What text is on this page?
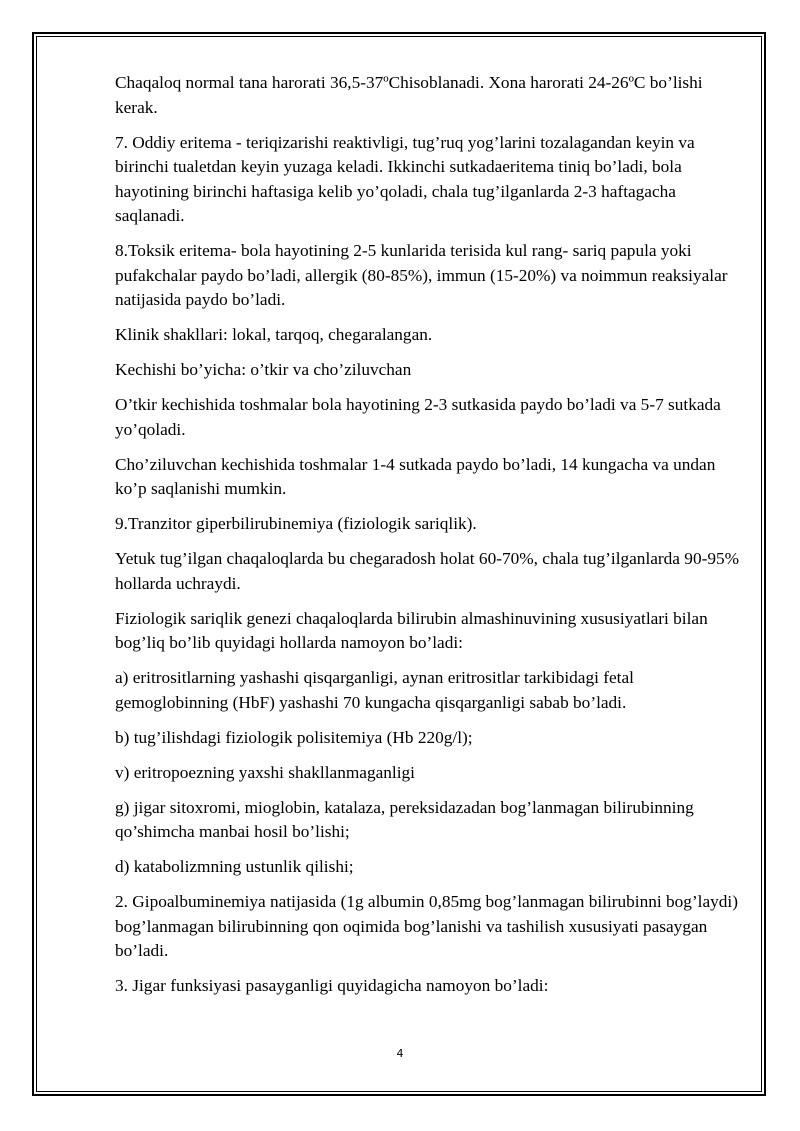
Chaqaloq normal tana harorati 36,5-37ºChisoblanadi. Xona harorati 24-26ºC bo’lishi kerak.

7. Oddiy eritema - teriqizarishi reaktivligi, tug’ruq yog’larini tozalagandan keyin va birinchi tualetdan keyin yuzaga keladi. Ikkinchi sutkadaeritema tiniq bo’ladi, bola hayotining birinchi haftasiga kelib yo’qoladi, chala tug’ilganlarda 2-3 haftagacha saqlanadi.

8.Toksik eritema- bola hayotining 2-5 kunlarida terisida kul rang- sariq papula yoki pufakchalar paydo bo’ladi, allergik (80-85%), immun (15-20%) va noimmun reaksiyalar natijasida paydo bo’ladi.

Klinik shakllari: lokal, tarqoq, chegaralangan.

Kechishi bo’yicha: o’tkir va cho’ziluvchan

O’tkir kechishida toshmalar bola hayotining 2-3 sutkasida paydo bo’ladi va 5-7 sutkada yo’qoladi.

Cho’ziluvchan kechishida toshmalar 1-4 sutkada paydo bo’ladi, 14 kungacha va undan ko’p saqlanishi mumkin.

9.Tranzitor giperbilirubinemiya (fiziologik sariqlik).

Yetuk tug’ilgan chaqaloqlarda bu chegaradosh holat 60-70%, chala tug’ilganlarda 90-95% hollarda uchraydi.

Fiziologik sariqlik genezi chaqaloqlarda bilirubin almashinuvining xususiyatlari bilan bog’liq bo’lib quyidagi hollarda namoyon bo’ladi:

a) eritrositlarning yashashi qisqarganligi, aynan eritrositlar tarkibidagi fetal gemoglobinning (HbF) yashashi 70 kungacha qisqarganligi sabab bo’ladi.

b) tug’ilishdagi fiziologik polisitemiya (Hb 220g/l);

v) eritropoezning yaxshi shakllanmaganligi

g) jigar sitoxromi, mioglobin, katalaza, pereksidazadan bog’lanmagan bilirubinning qo’shimcha manbai hosil bo’lishi;

d) katabolizmning ustunlik qilishi;

2. Gipoalbuminemiya natijasida (1g albumin 0,85mg bog’lanmagan bilirubinni bog’laydi) bog’lanmagan bilirubinning qon oqimida bog’lanishi va tashilish xususiyati pasaygan bo’ladi.

3. Jigar funksiyasi pasayganligi quyidagicha namoyon bo’ladi:

4
